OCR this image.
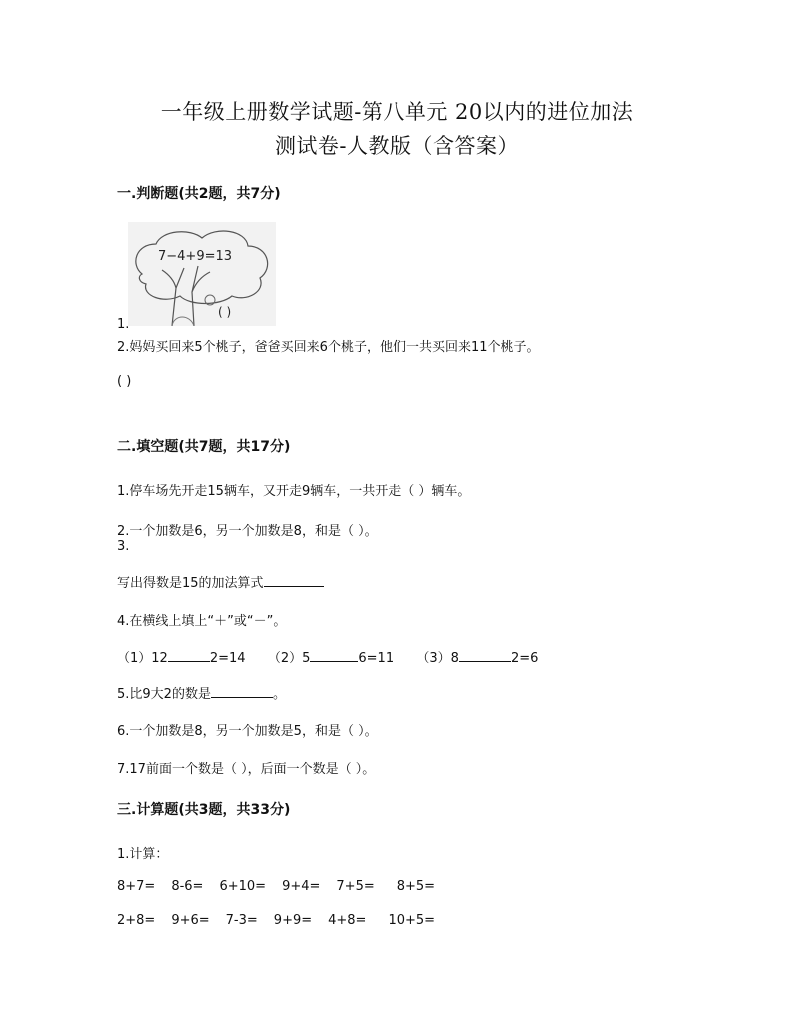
一年级上册数学试题-第八单元 20以内的进位加法
测试卷-人教版（含答案）
一.判断题(共2题，共7分)
7−4+9=13
( )
1.
2.妈妈买回来5个桃子，爸爸买回来6个桃子，他们一共买回来11个桃子。
( )
二.填空题(共7题，共17分)
1.停车场先开走15辆车，又开走9辆车，一共开走（ ）辆车。
2.一个加数是6，另一个加数是8，和是（ ）。
3.
写出得数是15的加法算式
4.在横线上填上“＋”或“－”。
（1）12	2=14 （2）5	6=11 （3）8	2=6
5.比9大2的数是	。
6.一个加数是8，另一个加数是5，和是（ ）。
7.17前面一个数是（ ），后面一个数是（ ）。
三.计算题(共3题，共33分)
1.计算：
8+7= 8-6= 6+10= 9+4= 7+5= 8+5=
2+8= 9+6= 7-3= 9+9= 4+8= 10+5=
